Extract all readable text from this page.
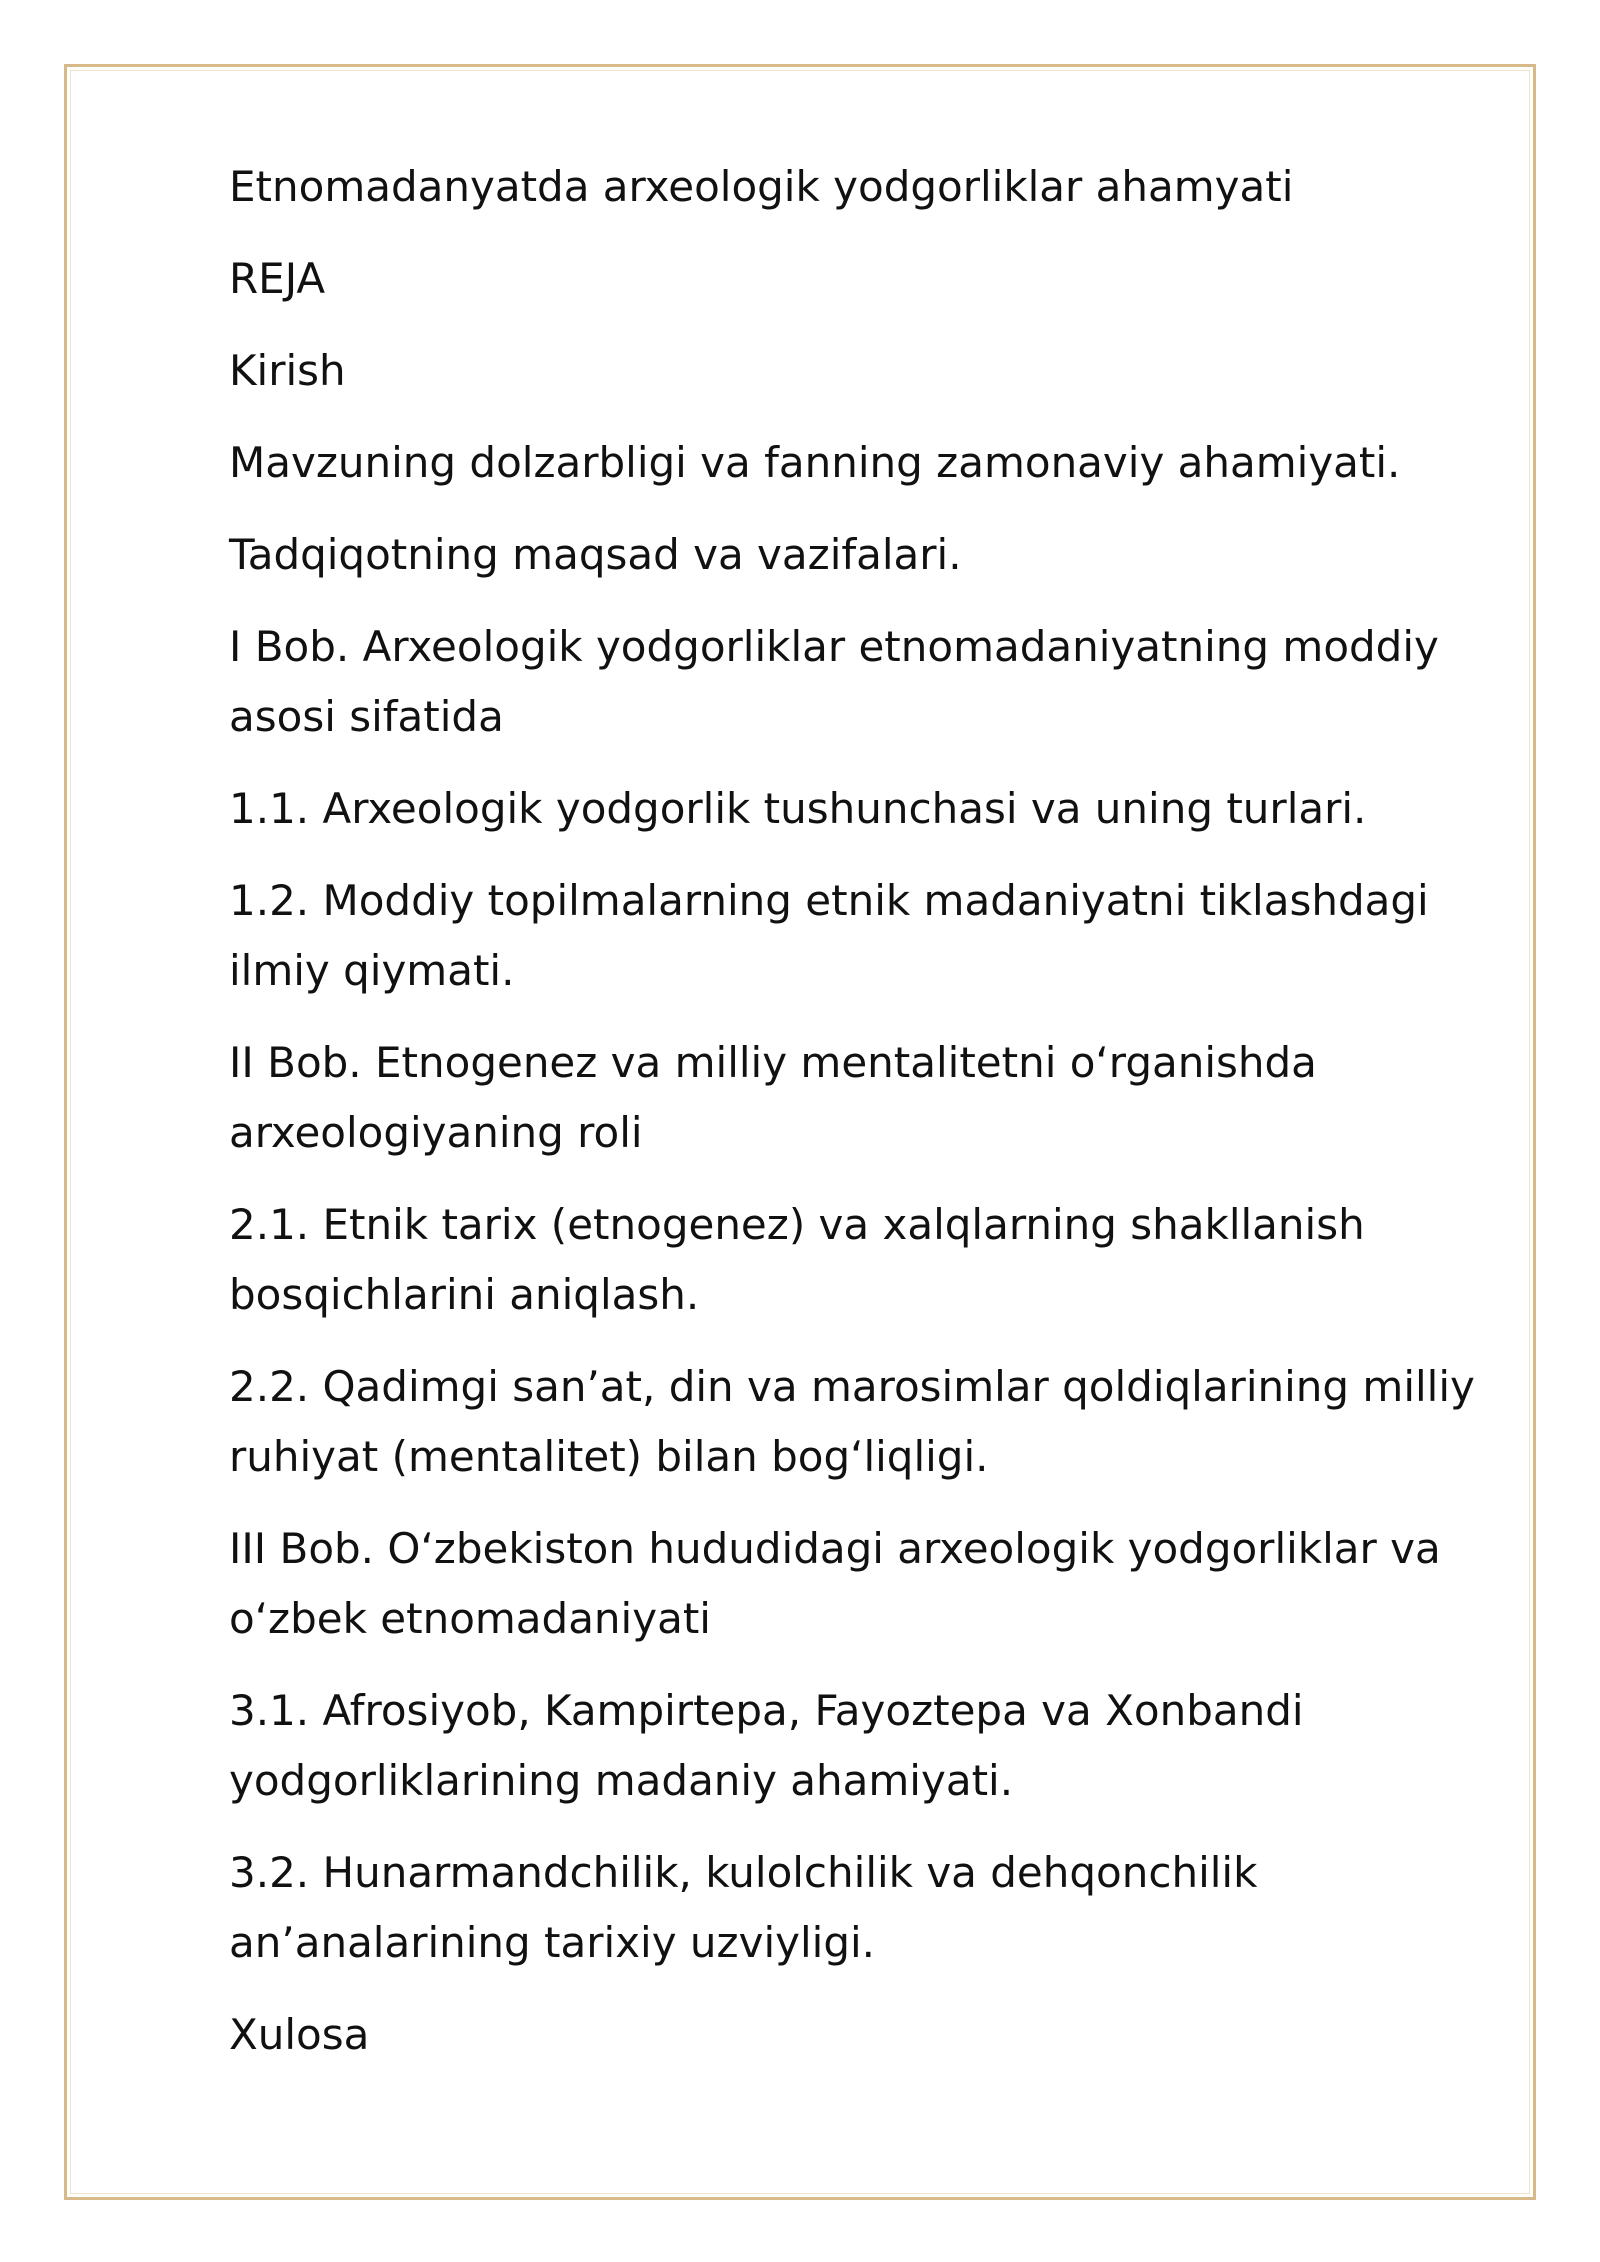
Etnomadanyatda arxeologik yodgorliklar ahamyati
REJA
Kirish
Mavzuning dolzarbligi va fanning zamonaviy ahamiyati.
Tadqiqotning maqsad va vazifalari.
I Bob. Arxeologik yodgorliklar etnomadaniyatning moddiy asosi sifatida
1.1. Arxeologik yodgorlik tushunchasi va uning turlari.
1.2. Moddiy topilmalarning etnik madaniyatni tiklashdagi ilmiy qiymati.
II Bob. Etnogenez va milliy mentalitetni o‘rganishda arxeologiyaning roli
2.1. Etnik tarix (etnogenez) va xalqlarning shakllanish bosqichlarini aniqlash.
2.2. Qadimgi san’at, din va marosimlar qoldiqlarining milliy ruhiyat (mentalitet) bilan bog‘liqligi.
III Bob. O‘zbekiston hududidagi arxeologik yodgorliklar va o‘zbek etnomadaniyati
3.1. Afrosiyob, Kampirtepa, Fayoztepa va Xonbandi yodgorliklarining madaniy ahamiyati.
3.2. Hunarmandchilik, kulolchilik va dehqonchilik an’analarining tarixiy uzviyligi.
Xulosa
